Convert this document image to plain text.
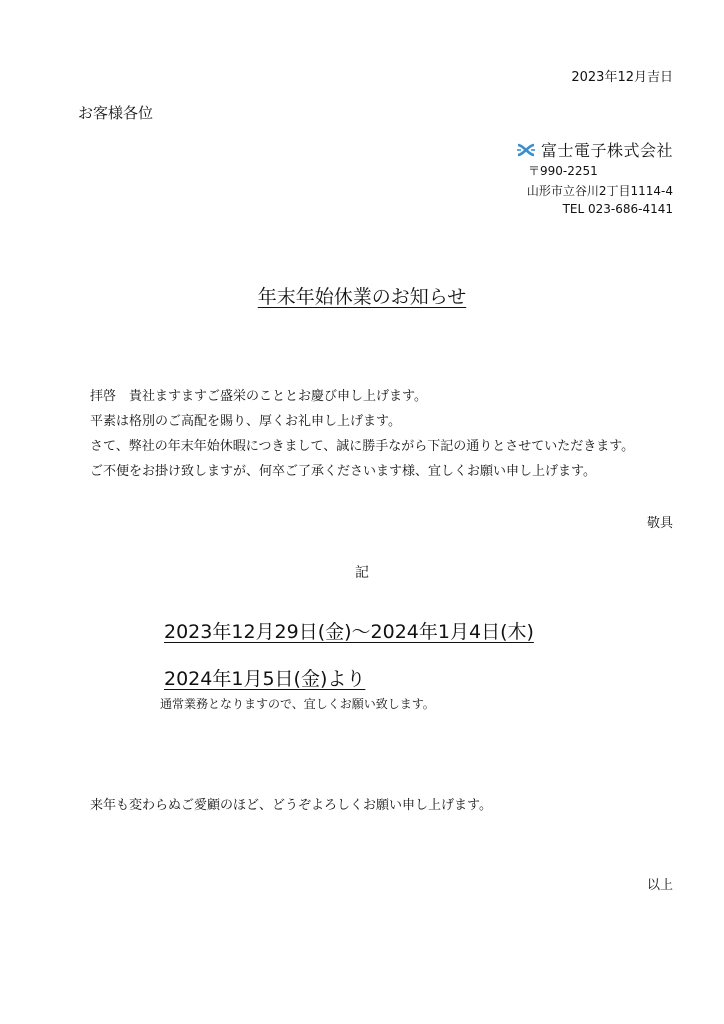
2023年12月吉日
お客様各位
富士電子株式会社
〒990-2251
山形市立谷川2丁目1114-4
TEL 023-686-4141
年末年始休業のお知らせ
拝啓　貴社ますますご盛栄のこととお慶び申し上げます。
平素は格別のご高配を賜り、厚くお礼申し上げます。
さて、弊社の年末年始休暇につきまして、誠に勝手ながら下記の通りとさせていただきます。
ご不便をお掛け致しますが、何卒ご了承くださいます様、宜しくお願い申し上げます。
敬具
記
2023年12月29日(金)～2024年1月4日(木)
2024年1月5日(金)より
通常業務となりますので、宜しくお願い致します。
来年も変わらぬご愛顧のほど、どうぞよろしくお願い申し上げます。
以上
